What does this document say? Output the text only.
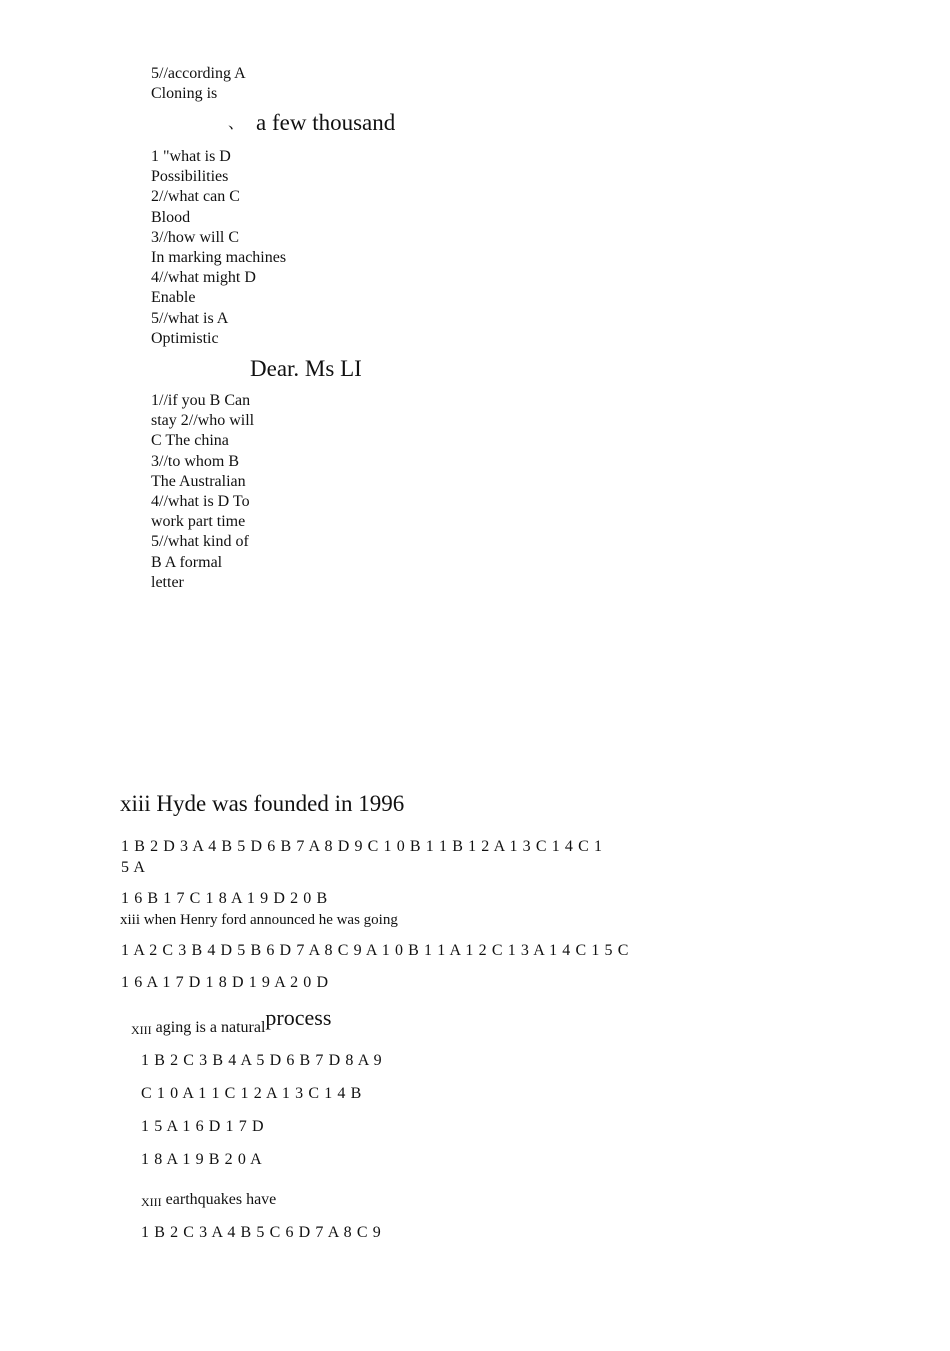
5//according A
Cloning is
、 a few thousand
1 "what is D
Possibilities
2//what can C
Blood
3//how will C
In marking machines
4//what might D
Enable
5//what is A
Optimistic
Dear. Ms LI
1//if you B Can
stay 2//who will
C The china
3//to whom B
The Australian
4//what is D To
work part time
5//what kind of
B A formal
letter
xiii Hyde was founded in 1996
1 B 2 D 3 A 4 B 5 D 6 B 7 A 8 D 9 C 1 0 B 1 1 B 1 2 A 1 3 C 1 4 C 1
5 A
1 6 B 1 7 C 1 8 A 1 9 D 2 0 B
xiii when Henry ford announced he was going
1 A 2 C 3 B 4 D 5 B 6 D 7 A 8 C 9 A 1 0 B 1 1 A 1 2 C 1 3 A 1 4 C 1 5 C
1 6 A 1 7 D 1 8 D 1 9 A 2 0 D
XIII aging is a naturalprocess
1 B 2 C 3 B 4 A 5 D 6 B 7 D 8 A 9
C 1 0 A 1 1 C 1 2 A 1 3 C 1 4 B
1 5 A 1 6 D 1 7 D
1 8 A 1 9 B 2 0 A
XIII earthquakes have
1 B 2 C 3 A 4 B 5 C 6 D 7 A 8 C 9
